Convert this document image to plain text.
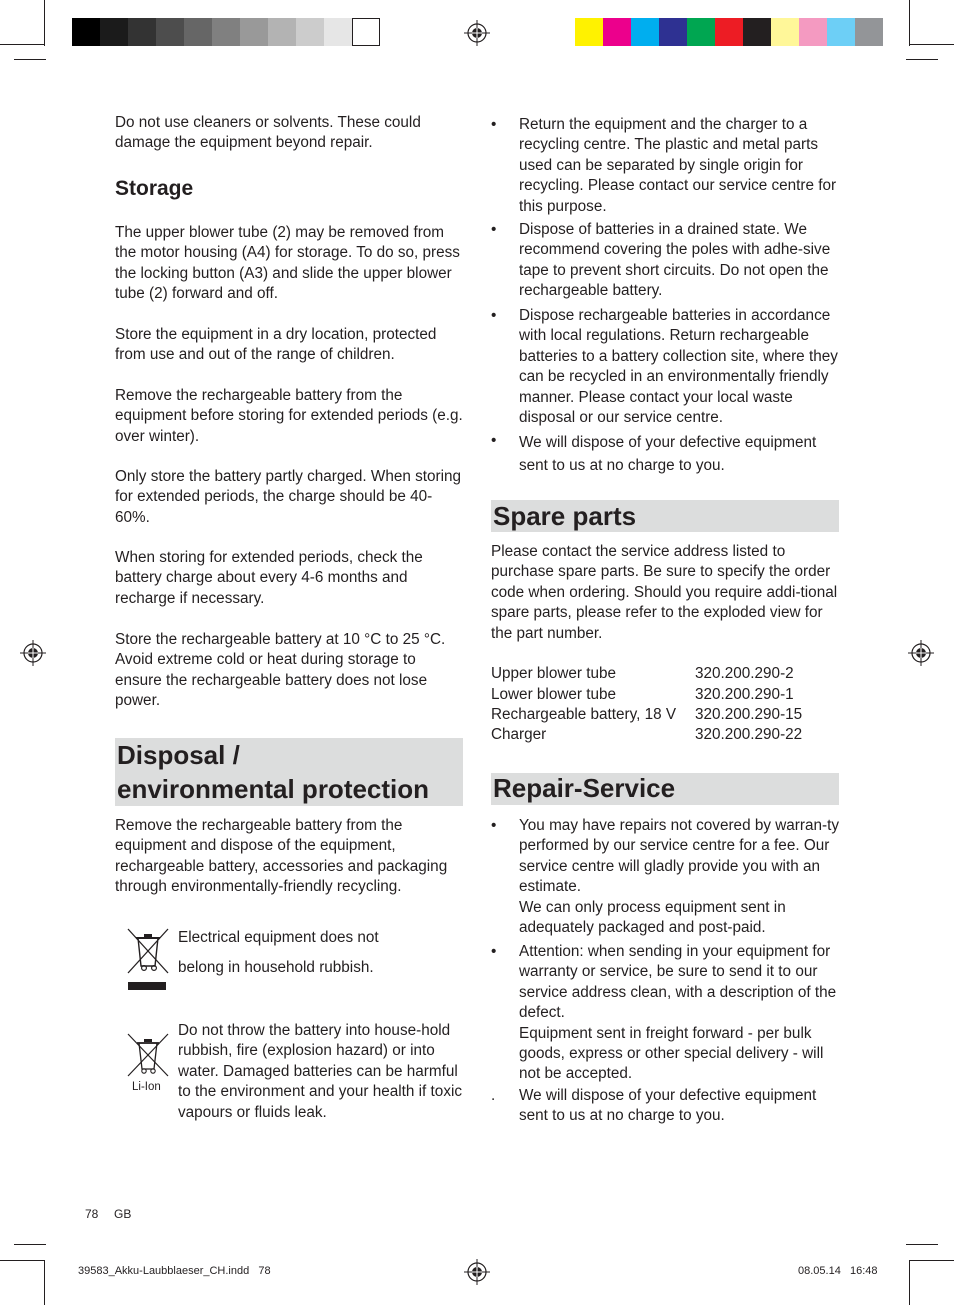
Do not use cleaners or solvents. These could damage the equipment beyond repair.

Storage

The upper blower tube (2) may be removed from the motor housing (A4) for storage. To do so, press the locking button (A3) and slide the upper blower tube (2) forward and off.

Store the equipment in a dry location, protected from use and out of the range of children.

Remove the rechargeable battery from the equipment before storing for extended periods (e.g. over winter).

Only store the battery partly charged. When storing for extended periods, the charge should be 40-60%.

When storing for extended periods, check the battery charge about every 4-6 months and recharge if necessary.

Store the rechargeable battery at 10 °C to 25 °C. Avoid extreme cold or heat during storage to ensure the rechargeable battery does not lose power.

Disposal /
environmental protection

Remove the rechargeable battery from the equipment and dispose of the equipment, rechargeable battery, accessories and packaging through environmentally-friendly recycling.

Electrical equipment does not
belong in household rubbish.
Li-Ion

Do not throw the battery into house-hold rubbish, fire (explosion hazard) or into water. Damaged batteries can be harmful to the environment and your health if toxic vapours or fluids leak.

•	Return the equipment and the charger to a recycling centre. The plastic and metal parts used can be separated by single origin for recycling. Please contact our service centre for this purpose.
•	Dispose of batteries in a drained state. We recommend covering the poles with adhe-sive tape to prevent short circuits. Do not open the rechargeable battery.
•	Dispose rechargeable batteries in accordance with local regulations. Return rechargeable batteries to a battery collection site, where they can be recycled in an environmentally friendly manner. Please contact your local waste disposal or our service centre.
•	We will dispose of your defective equipment sent to us at no charge to you.
Spare parts

Please contact the service address listed to purchase spare parts. Be sure to specify the order code when ordering. Should you require addi-tional spare parts, please refer to the exploded view for the part number.

Upper blower tube	320.200.290-2
Lower blower tube	320.200.290-1
Rechargeable battery, 18 V 320.200.290-15
Charger	320.200.290-22
Repair-Service
•	You may have repairs not covered by warran-ty performed by our service centre for a fee. Our service centre will gladly provide you with an estimate.
We can only process equipment sent in adequately packaged and post-paid.
•	Attention: when sending in your equipment for warranty or service, be sure to send it to our service address clean, with a description of the defect.
Equipment sent in freight forward - per bulk goods, express or other special delivery - will not be accepted.
.	We will dispose of your defective equipment sent to us at no charge to you.
78 GB
39583_Akku-Laubblaeser_CH.indd   78	08.05.14   16:48
